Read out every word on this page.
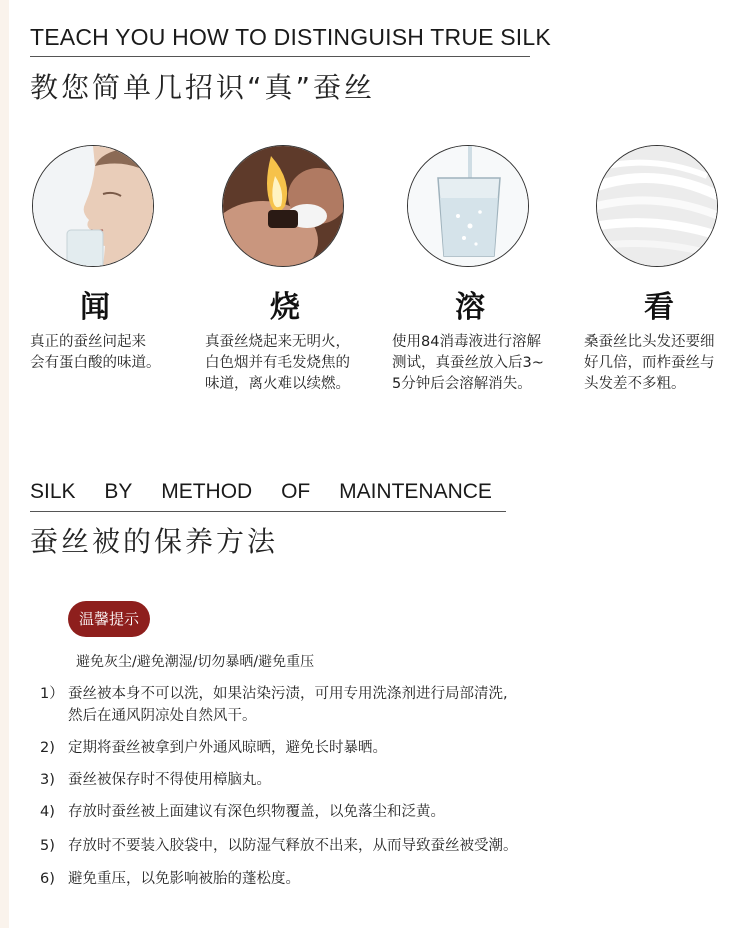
TEACH YOU HOW TO DISTINGUISH TRUE SILK
教您简单几招识“真”蚕丝
闻	烧	溶	看
真正的蚕丝问起来
会有蛋白酸的味道。
真蚕丝烧起来无明火，
白色烟并有毛发烧焦的
味道，离火难以续燃。
使用84消毒液进行溶解
测试，真蚕丝放入后3~
5分钟后会溶解消失。
桑蚕丝比头发还要细
好几倍，而柞蚕丝与
头发差不多粗。
SILK BY METHOD OF MAINTENANCE
蚕丝被的保养方法
温馨提示
避免灰尘/避免潮湿/切勿暴晒/避免重压
1） 蚕丝被本身不可以洗，如果沾染污渍，可用专用洗涤剂进行局部清洗,
然后在通风阴凉处自然风干。
2) 定期将蚕丝被拿到户外通风晾晒，避免长时暴晒。
3) 蚕丝被保存时不得使用樟脑丸。
4) 存放时蚕丝被上面建议有深色织物覆盖，以免落尘和泛黄。
5) 存放时不要装入胶袋中，以防湿气释放不出来，从而导致蚕丝被受潮。
6) 避免重压，以免影响被胎的蓬松度。
